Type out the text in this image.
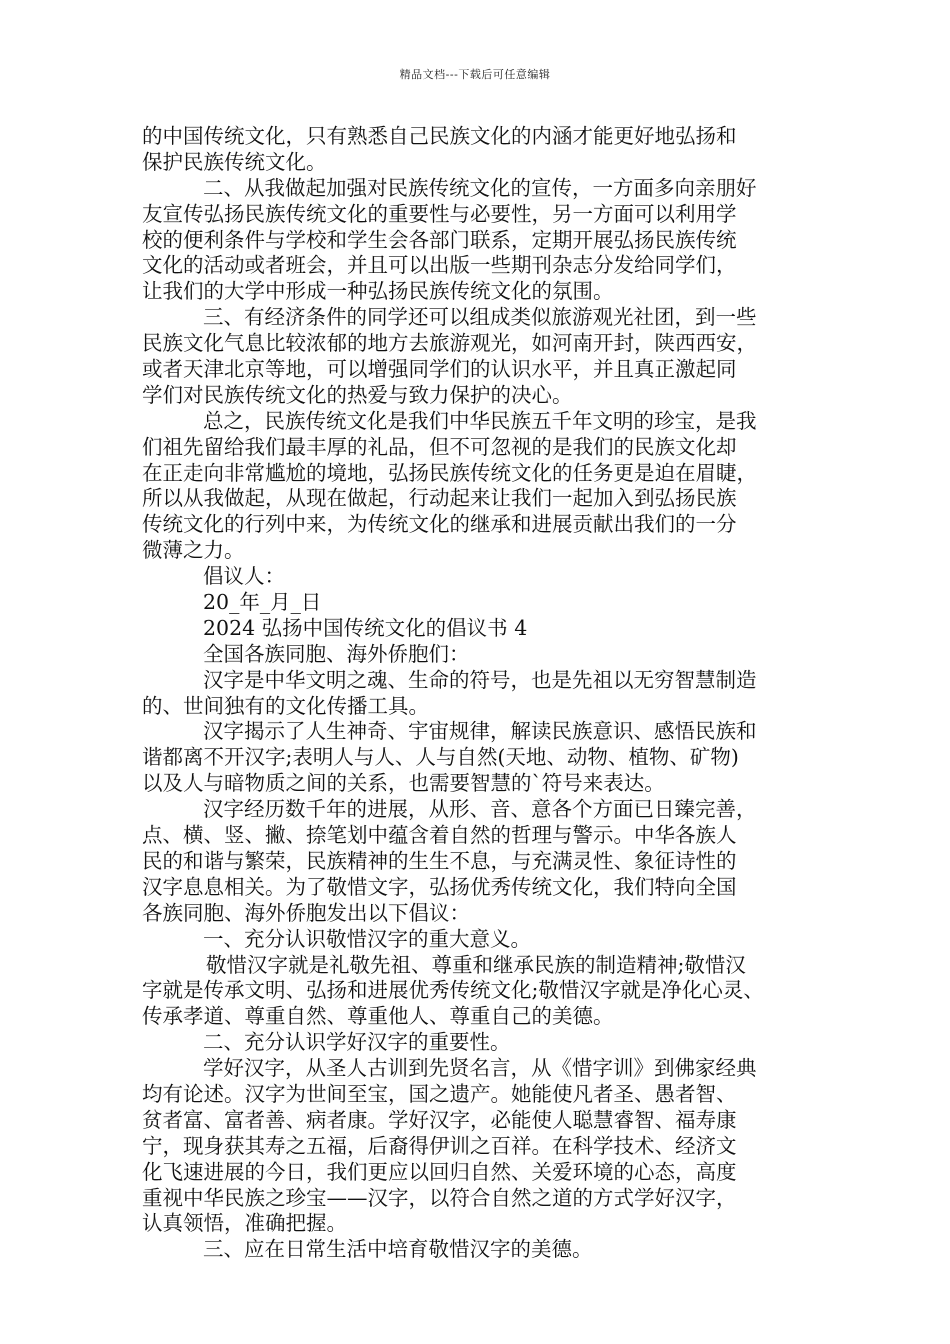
精品文档---下载后可任意编辑
的中国传统文化，只有熟悉自己民族文化的内涵才能更好地弘扬和
保护民族传统文化。
二、从我做起加强对民族传统文化的宣传，一方面多向亲朋好
友宣传弘扬民族传统文化的重要性与必要性，另一方面可以利用学
校的便利条件与学校和学生会各部门联系，定期开展弘扬民族传统
文化的活动或者班会，并且可以出版一些期刊杂志分发给同学们，
让我们的大学中形成一种弘扬民族传统文化的氛围。
三、有经济条件的同学还可以组成类似旅游观光社团，到一些
民族文化气息比较浓郁的地方去旅游观光，如河南开封，陕西西安，
或者天津北京等地，可以增强同学们的认识水平，并且真正激起同
学们对民族传统文化的热爱与致力保护的决心。
总之，民族传统文化是我们中华民族五千年文明的珍宝，是我
们祖先留给我们最丰厚的礼品，但不可忽视的是我们的民族文化却
在正走向非常尴尬的境地，弘扬民族传统文化的任务更是迫在眉睫，
所以从我做起，从现在做起，行动起来让我们一起加入到弘扬民族
传统文化的行列中来，为传统文化的继承和进展贡献出我们的一分
微薄之力。
倡议人：
20_年_月_日
2024 弘扬中国传统文化的倡议书 4
全国各族同胞、海外侨胞们：
汉字是中华文明之魂、生命的符号，也是先祖以无穷智慧制造
的、世间独有的文化传播工具。
汉字揭示了人生神奇、宇宙规律，解读民族意识、感悟民族和
谐都离不开汉字;表明人与人、人与自然(天地、动物、植物、矿物)
以及人与暗物质之间的关系，也需要智慧的`符号来表达。
汉字经历数千年的进展，从形、音、意各个方面已日臻完善，
点、横、竖、撇、捺笔划中蕴含着自然的哲理与警示。中华各族人
民的和谐与繁荣，民族精神的生生不息，与充满灵性、象征诗性的
汉字息息相关。为了敬惜文字，弘扬优秀传统文化，我们特向全国
各族同胞、海外侨胞发出以下倡议：
一、充分认识敬惜汉字的重大意义。
敬惜汉字就是礼敬先祖、尊重和继承民族的制造精神;敬惜汉
字就是传承文明、弘扬和进展优秀传统文化;敬惜汉字就是净化心灵、
传承孝道、尊重自然、尊重他人、尊重自己的美德。
二、充分认识学好汉字的重要性。
学好汉字，从圣人古训到先贤名言，从《惜字训》到佛家经典
均有论述。汉字为世间至宝，国之遗产。她能使凡者圣、愚者智、
贫者富、富者善、病者康。学好汉字，必能使人聪慧睿智、福寿康
宁，现身获其寿之五福，后裔得伊训之百祥。在科学技术、经济文
化飞速进展的今日，我们更应以回归自然、关爱环境的心态，高度
重视中华民族之珍宝——汉字，以符合自然之道的方式学好汉字，
认真领悟，准确把握。
三、应在日常生活中培育敬惜汉字的美德。
